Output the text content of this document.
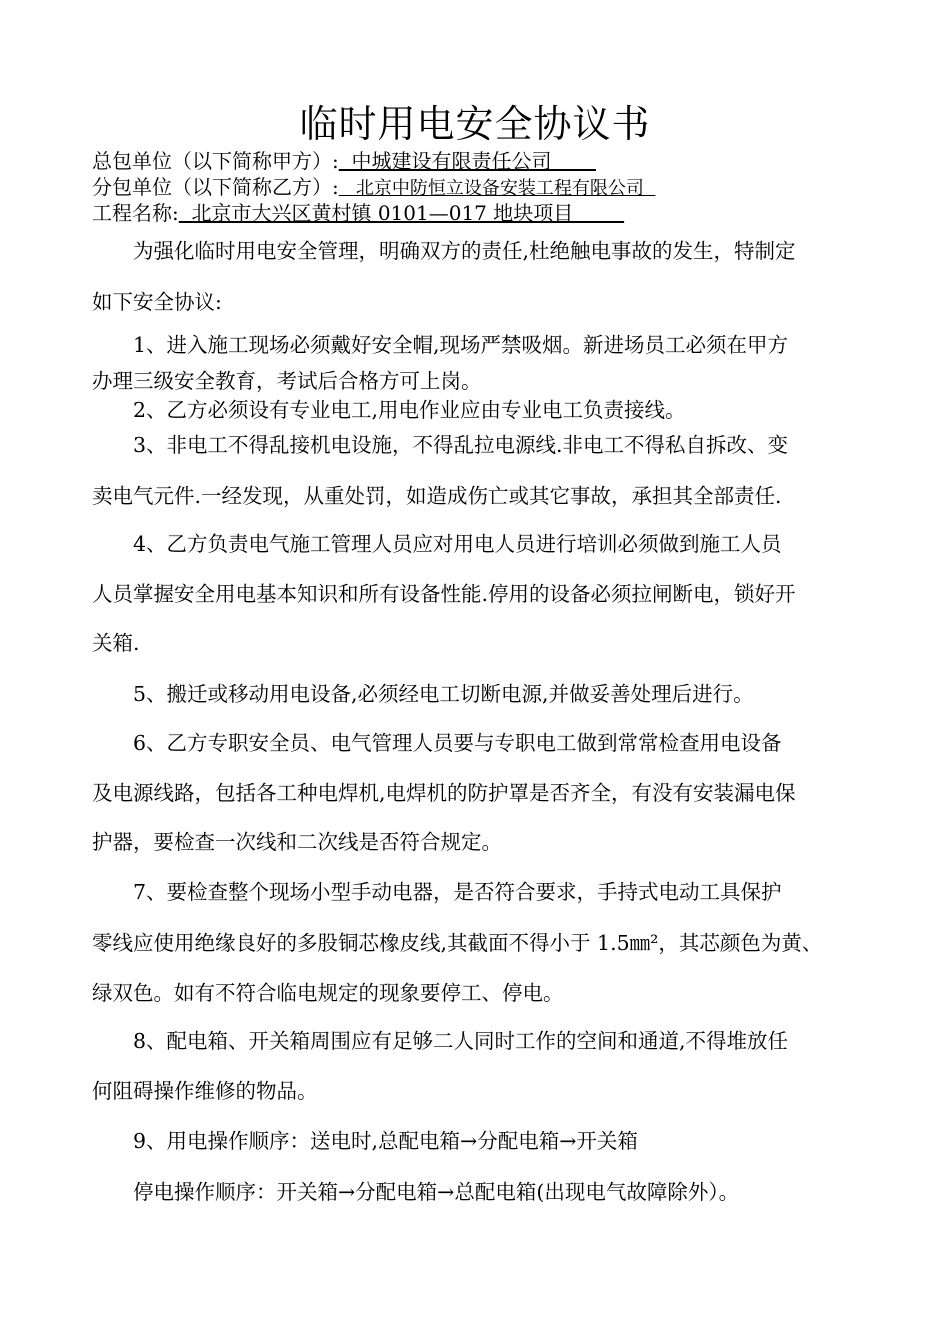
临时用电安全协议书
总包单位（以下简称甲方）:  中城建设有限责任公司
分包单位（以下简称乙方）:   北京中防恒立设备安装工程有限公司
工程名称:  北京市大兴区黄村镇 0101—017 地块项目
　　为强化临时用电安全管理，明确双方的责任,杜绝触电事故的发生，特制定
如下安全协议:
　　1、进入施工现场必须戴好安全帽,现场严禁吸烟。新进场员工必须在甲方
办理三级安全教育，考试后合格方可上岗。
　　2、乙方必须设有专业电工,用电作业应由专业电工负责接线。
　　3、非电工不得乱接机电设施，不得乱拉电源线.非电工不得私自拆改、变
卖电气元件.一经发现，从重处罚，如造成伤亡或其它事故，承担其全部责任.
　　4、乙方负责电气施工管理人员应对用电人员进行培训必须做到施工人员
人员掌握安全用电基本知识和所有设备性能.停用的设备必须拉闸断电，锁好开
关箱.
　　5、搬迁或移动用电设备,必须经电工切断电源,并做妥善处理后进行。
　　6、乙方专职安全员、电气管理人员要与专职电工做到常常检查用电设备
及电源线路，包括各工种电焊机,电焊机的防护罩是否齐全，有没有安装漏电保
护器，要检查一次线和二次线是否符合规定。
　　7、要检查整个现场小型手动电器，是否符合要求，手持式电动工具保护
零线应使用绝缘良好的多股铜芯橡皮线,其截面不得小于 1.5㎜²，其芯颜色为黄、
绿双色。如有不符合临电规定的现象要停工、停电。
　　8、配电箱、开关箱周围应有足够二人同时工作的空间和通道,不得堆放任
何阻碍操作维修的物品。
　　9、用电操作顺序：送电时,总配电箱→分配电箱→开关箱
　　停电操作顺序：开关箱→分配电箱→总配电箱(出现电气故障除外）。
